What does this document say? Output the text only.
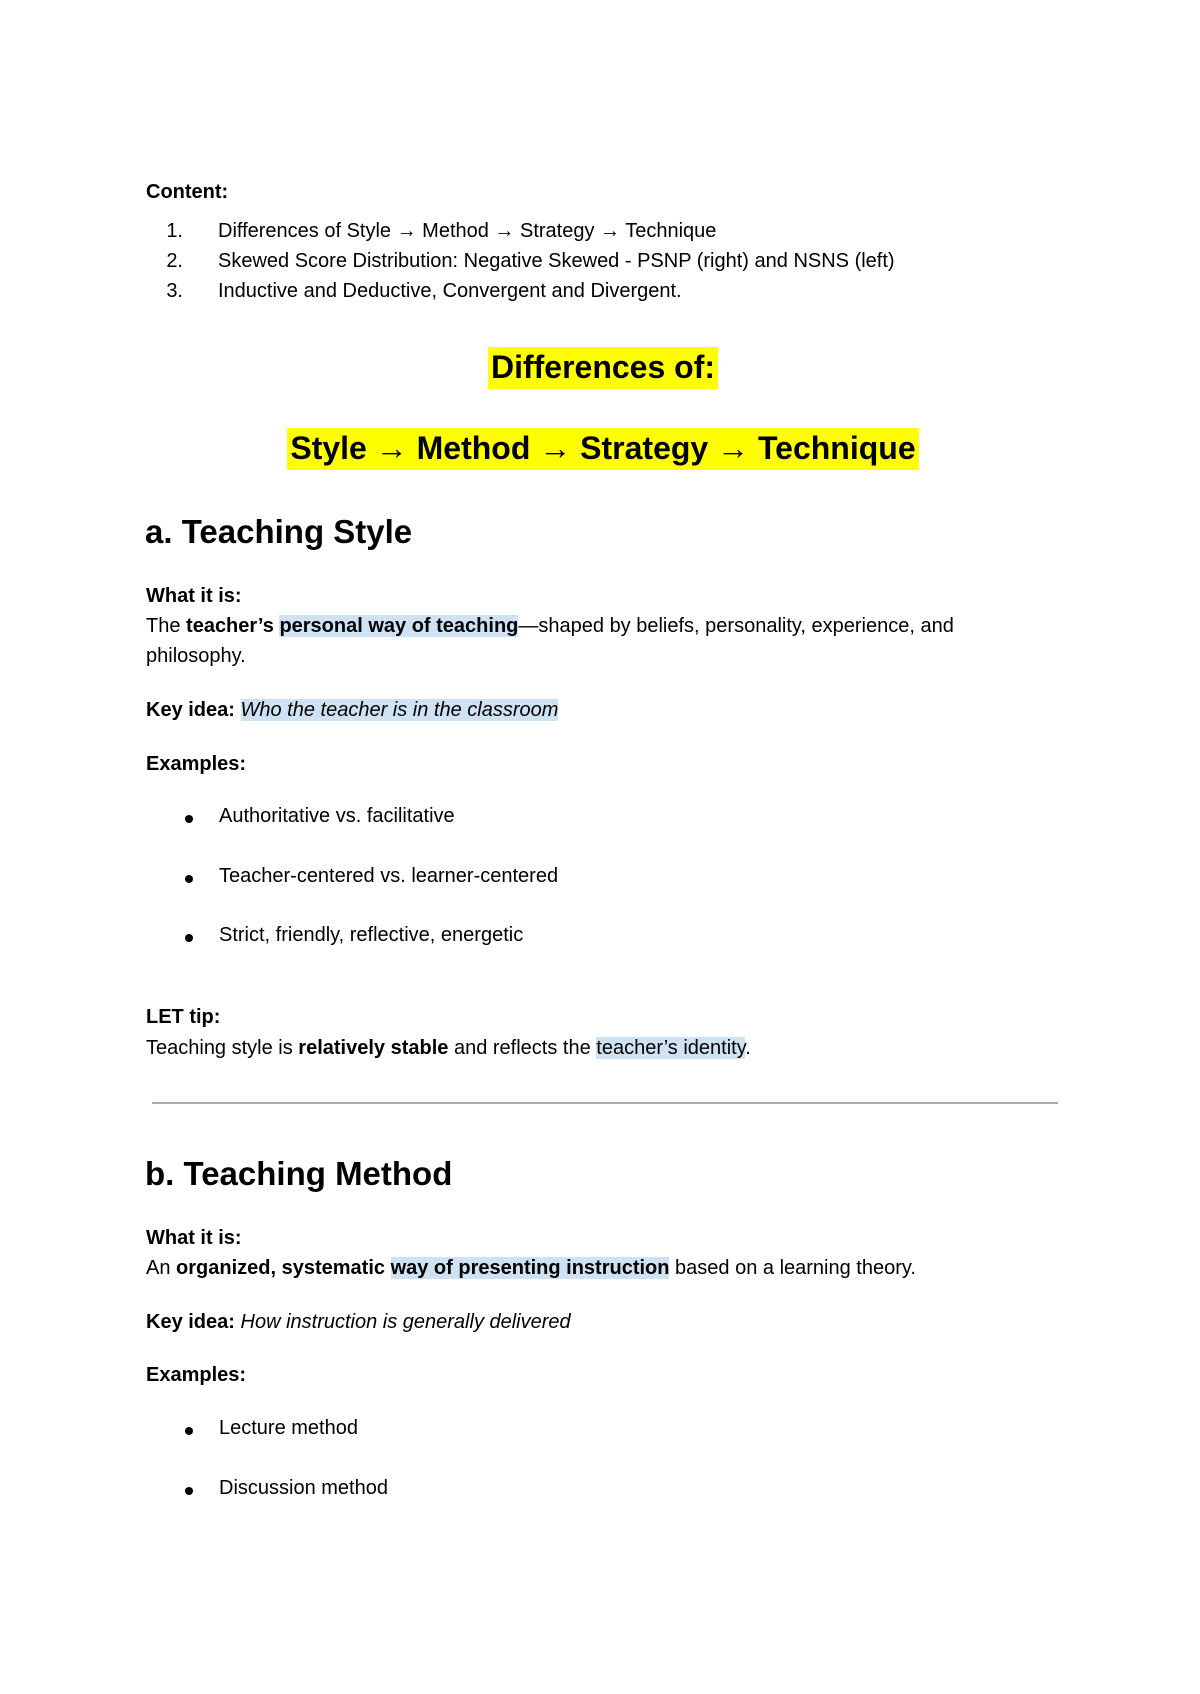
Content:
1. Differences of Style → Method → Strategy → Technique
2. Skewed Score Distribution: Negative Skewed - PSNP (right) and NSNS (left)
3. Inductive and Deductive, Convergent and Divergent.
Differences of:
Style → Method → Strategy → Technique
a. Teaching Style
What it is:
The teacher’s personal way of teaching—shaped by beliefs, personality, experience, and
philosophy.
Key idea: Who the teacher is in the classroom
Examples:
Authoritative vs. facilitative
Teacher-centered vs. learner-centered
Strict, friendly, reflective, energetic
LET tip:
Teaching style is relatively stable and reflects the teacher’s identity.
b. Teaching Method
What it is:
An organized, systematic way of presenting instruction based on a learning theory.
Key idea: How instruction is generally delivered
Examples:
Lecture method
Discussion method
